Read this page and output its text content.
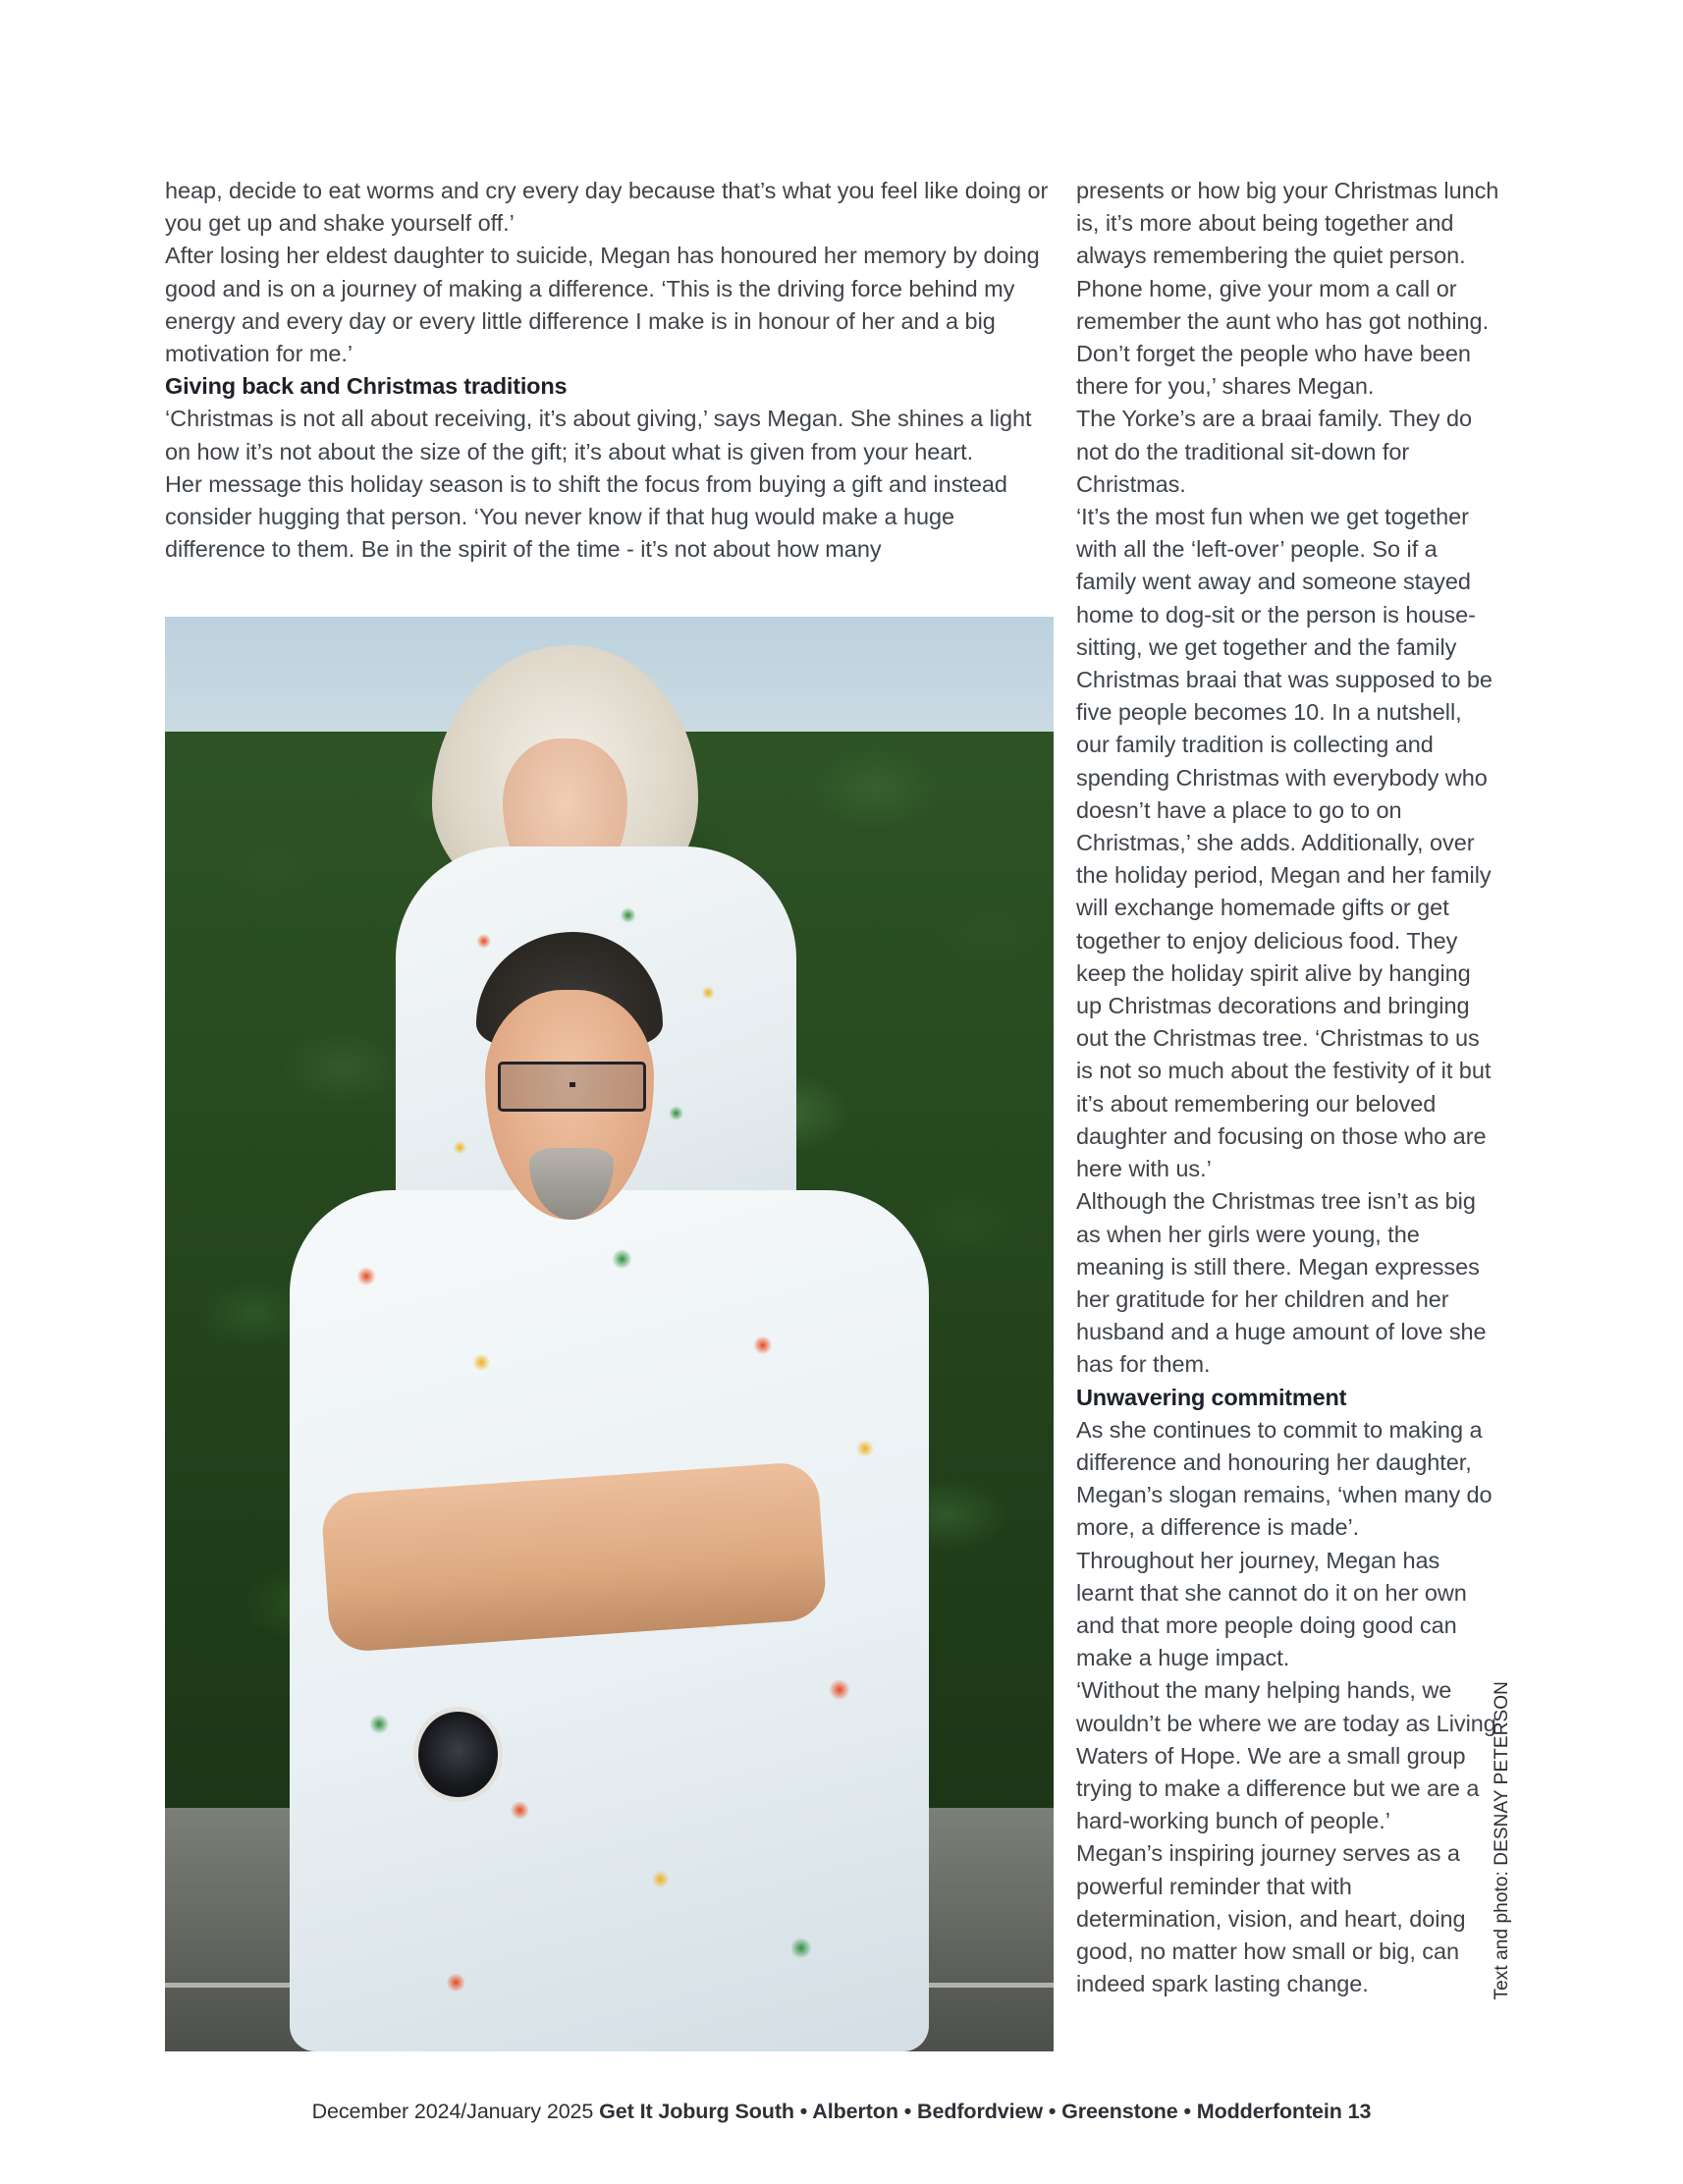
heap, decide to eat worms and cry every day because that’s what you feel like doing or you get up and shake yourself off.’

After losing her eldest daughter to suicide, Megan has honoured her memory by doing good and is on a journey of making a difference. ‘This is the driving force behind my energy and every day or every little difference I make is in honour of her and a big motivation for me.’

Giving back and Christmas traditions

‘Christmas is not all about receiving, it’s about giving,’ says Megan. She shines a light on how it’s not about the size of the gift; it’s about what is given from your heart.

Her message this holiday season is to shift the focus from buying a gift and instead consider hugging that person. ‘You never know if that hug would make a huge difference to them. Be in the spirit of the time - it’s not about how many

presents or how big your Christmas lunch is, it’s more about being together and always remembering the quiet person. Phone home, give your mom a call or remember the aunt who has got nothing. Don’t forget the people who have been there for you,’ shares Megan.

The Yorke’s are a braai family. They do not do the traditional sit-down for Christmas.

‘It’s the most fun when we get together with all the ‘left-over’ people. So if a family went away and someone stayed home to dog-sit or the person is house-sitting, we get together and the family Christmas braai that was supposed to be five people becomes 10. In a nutshell, our family tradition is collecting and spending Christmas with everybody who doesn’t have a place to go to on Christmas,’ she adds. Additionally, over the holiday period, Megan and her family will exchange homemade gifts or get together to enjoy delicious food. They keep the holiday spirit alive by hanging up Christmas decorations and bringing out the Christmas tree. ‘Christmas to us is not so much about the festivity of it but it’s about remembering our beloved daughter and focusing on those who are here with us.’

Although the Christmas tree isn’t as big as when her girls were young, the meaning is still there. Megan expresses her gratitude for her children and her husband and a huge amount of love she has for them.

Unwavering commitment

As she continues to commit to making a difference and honouring her daughter, Megan’s slogan remains, ‘when many do more, a difference is made’.

Throughout her journey, Megan has learnt that she cannot do it on her own and that more people doing good can make a huge impact.

‘Without the many helping hands, we wouldn’t be where we are today as Living Waters of Hope. We are a small group trying to make a difference but we are a hard-working bunch of people.’

Megan’s inspiring journey serves as a powerful reminder that with determination, vision, and heart, doing good, no matter how small or big, can indeed spark lasting change.	Text and photo: DESNAY PETERSON
December 2024/January 2025 Get It Joburg South • Alberton • Bedfordview • Greenstone • Modderfontein 13
